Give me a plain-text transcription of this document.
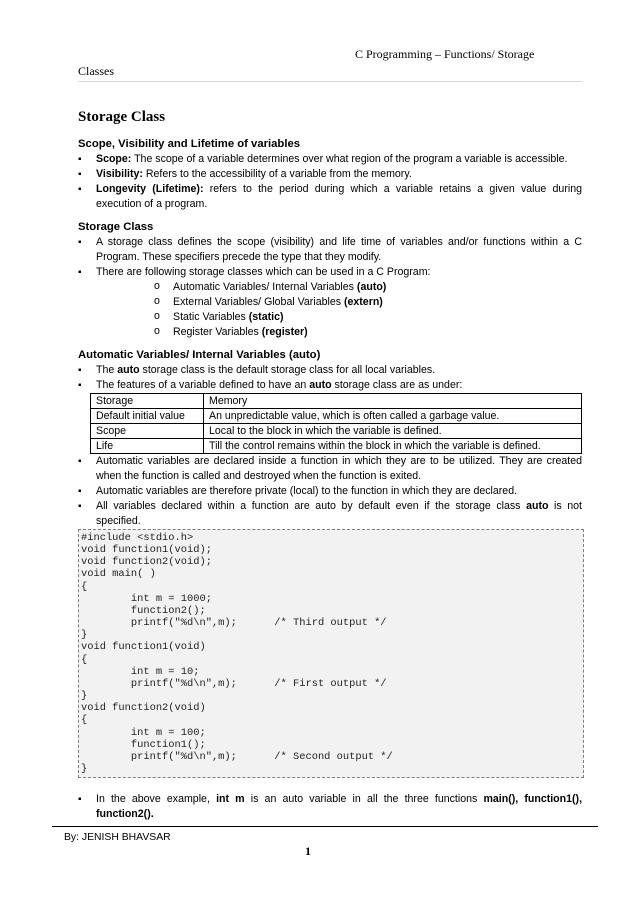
C Programming – Functions/ Storage
Classes
Storage Class
Scope, Visibility and Lifetime of variables
▪ Scope: The scope of a variable determines over what region of the program a variable is accessible.
▪ Visibility: Refers to the accessibility of a variable from the memory.
▪ Longevity (Lifetime): refers to the period during which a variable retains a given value during execution of a program.
Storage Class
▪ A storage class defines the scope (visibility) and life time of variables and/or functions within a C Program. These specifiers precede the type that they modify.
▪ There are following storage classes which can be used in a C Program:
o Automatic Variables/ Internal Variables (auto)
o External Variables/ Global Variables (extern)
o Static Variables (static)
o Register Variables (register)
Automatic Variables/ Internal Variables (auto)
▪ The auto storage class is the default storage class for all local variables.
▪ The features of a variable defined to have an auto storage class are as under:
Storage	Memory
Default initial value	An unpredictable value, which is often called a garbage value.
Scope	Local to the block in which the variable is defined.
Life	Till the control remains within the block in which the variable is defined.
▪ Automatic variables are declared inside a function in which they are to be utilized. They are created when the function is called and destroyed when the function is exited.
▪ Automatic variables are therefore private (local) to the function in which they are declared.
▪ All variables declared within a function are auto by default even if the storage class auto is not specified.
#include <stdio.h>
void function1(void);
void function2(void);
void main( )
{
int m = 1000;
function2();
printf("%d\n",m);      /* Third output */
}
void function1(void)
{
int m = 10;
printf("%d\n",m);      /* First output */
}
void function2(void)
{
int m = 100;
function1();
printf("%d\n",m);      /* Second output */
}
▪ In the above example, int m is an auto variable in all the three functions main(), function1(), function2().
By: JENISH BHAVSAR
1
